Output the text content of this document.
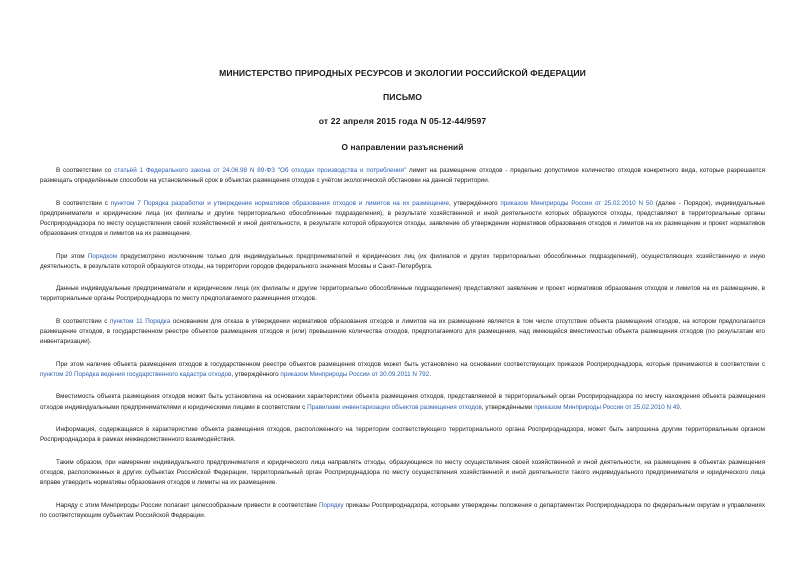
МИНИСТЕРСТВО ПРИРОДНЫХ РЕСУРСОВ И ЭКОЛОГИИ РОССИЙСКОЙ ФЕДЕРАЦИИ
ПИСЬМО
от 22 апреля 2015 года N 05-12-44/9597
О направлении разъяснений

В соответствии со статьёй 1 Федерального закона от 24.06.98 N 89-ФЗ "Об отходах производства и потребления" лимит на размещение отходов - предельно допустимое количество отходов конкретного вида, которые разрешается размещать определённым способом на установленный срок в объектах размещения отходов с учётом экологической обстановки на данной территории.

В соответствии с пунктом 7 Порядка разработки и утверждения нормативов образования отходов и лимитов на их размещение, утверждённого приказом Минприроды России от 25.02.2010 N 50 (далее - Порядок), индивидуальные предприниматели и юридические лица (их филиалы и другие территориально обособленные подразделения), в результате хозяйственной и иной деятельности которых образуются отходы, представляют в территориальные органы Росприроднадзора по месту осуществления своей хозяйственной и иной деятельности, в результате которой образуются отходы, заявление об утверждении нормативов образования отходов и лимитов на их размещение и проект нормативов образования отходов и лимитов на их размещение.

При этом Порядком предусмотрено исключение только для индивидуальных предпринимателей и юридических лиц (их филиалов и других территориально обособленных подразделений), осуществляющих хозяйственную и иную деятельность, в результате которой образуются отходы, на территории городов федерального значения Москвы и Санкт-Петербурга.

Данные индивидуальные предприниматели и юридические лица (их филиалы и другие территориально обособленные подразделения) представляют заявление и проект нормативов образования отходов и лимитов на их размещение, в территориальные органы Росприроднадзора по месту предполагаемого размещения отходов.

В соответствии с пунктом 11 Порядка основанием для отказа в утверждении нормативов образования отходов и лимитов на их размещение является в том числе отсутствие объекта размещения отходов, на котором предполагается размещение отходов, в государственном реестре объектов размещения отходов и (или) превышение количества отходов, предполагаемого для размещения, над имеющейся вместимостью объекта размещения отходов (по результатам его инвентаризации).

При этом наличие объекта размещения отходов в государственном реестре объектов размещения отходов может быть установлено на основании соответствующих приказов Росприроднадзора, которые принимаются в соответствии с пунктом 20 Порядка ведения государственного кадастра отходов, утверждённого приказом Минприроды России от 30.09.2011 N 792.

Вместимость объекта размещения отходов может быть установлена на основании характеристики объекта размещения отходов, представляемой в территориальный орган Росприроднадзора по месту нахождения объекта размещения отходов индивидуальными предпринимателями и юридическими лицами в соответствии с Правилами инвентаризации объектов размещения отходов, утверждёнными приказом Минприроды России от 25.02.2010 N 49.

Информация, содержащаяся в характеристике объекта размещения отходов, расположенного на территории соответствующего территориального органа Росприроднадзора, может быть запрошена другим территориальным органом Росприроднадзора в рамках межведомственного взаимодействия.

Таким образом, при намерении индивидуального предпринимателя и юридического лица направлять отходы, образующиеся по месту осуществления своей хозяйственной и иной деятельности, на размещение в объектах размещения отходов, расположенных в других субъектах Российской Федерации, территориальный орган Росприроднадзора по месту осуществления хозяйственной и иной деятельности такого индивидуального предпринимателя и юридического лица вправе утвердить нормативы образования отходов и лимиты на их размещение.

Наряду с этим Минприроды России полагает целесообразным привести в соответствие Порядку приказы Росприроднадзора, которыми утверждены положения о департаментах Росприроднадзора по федеральным округам и управлениях по соответствующим субъектам Российской Федерации.
